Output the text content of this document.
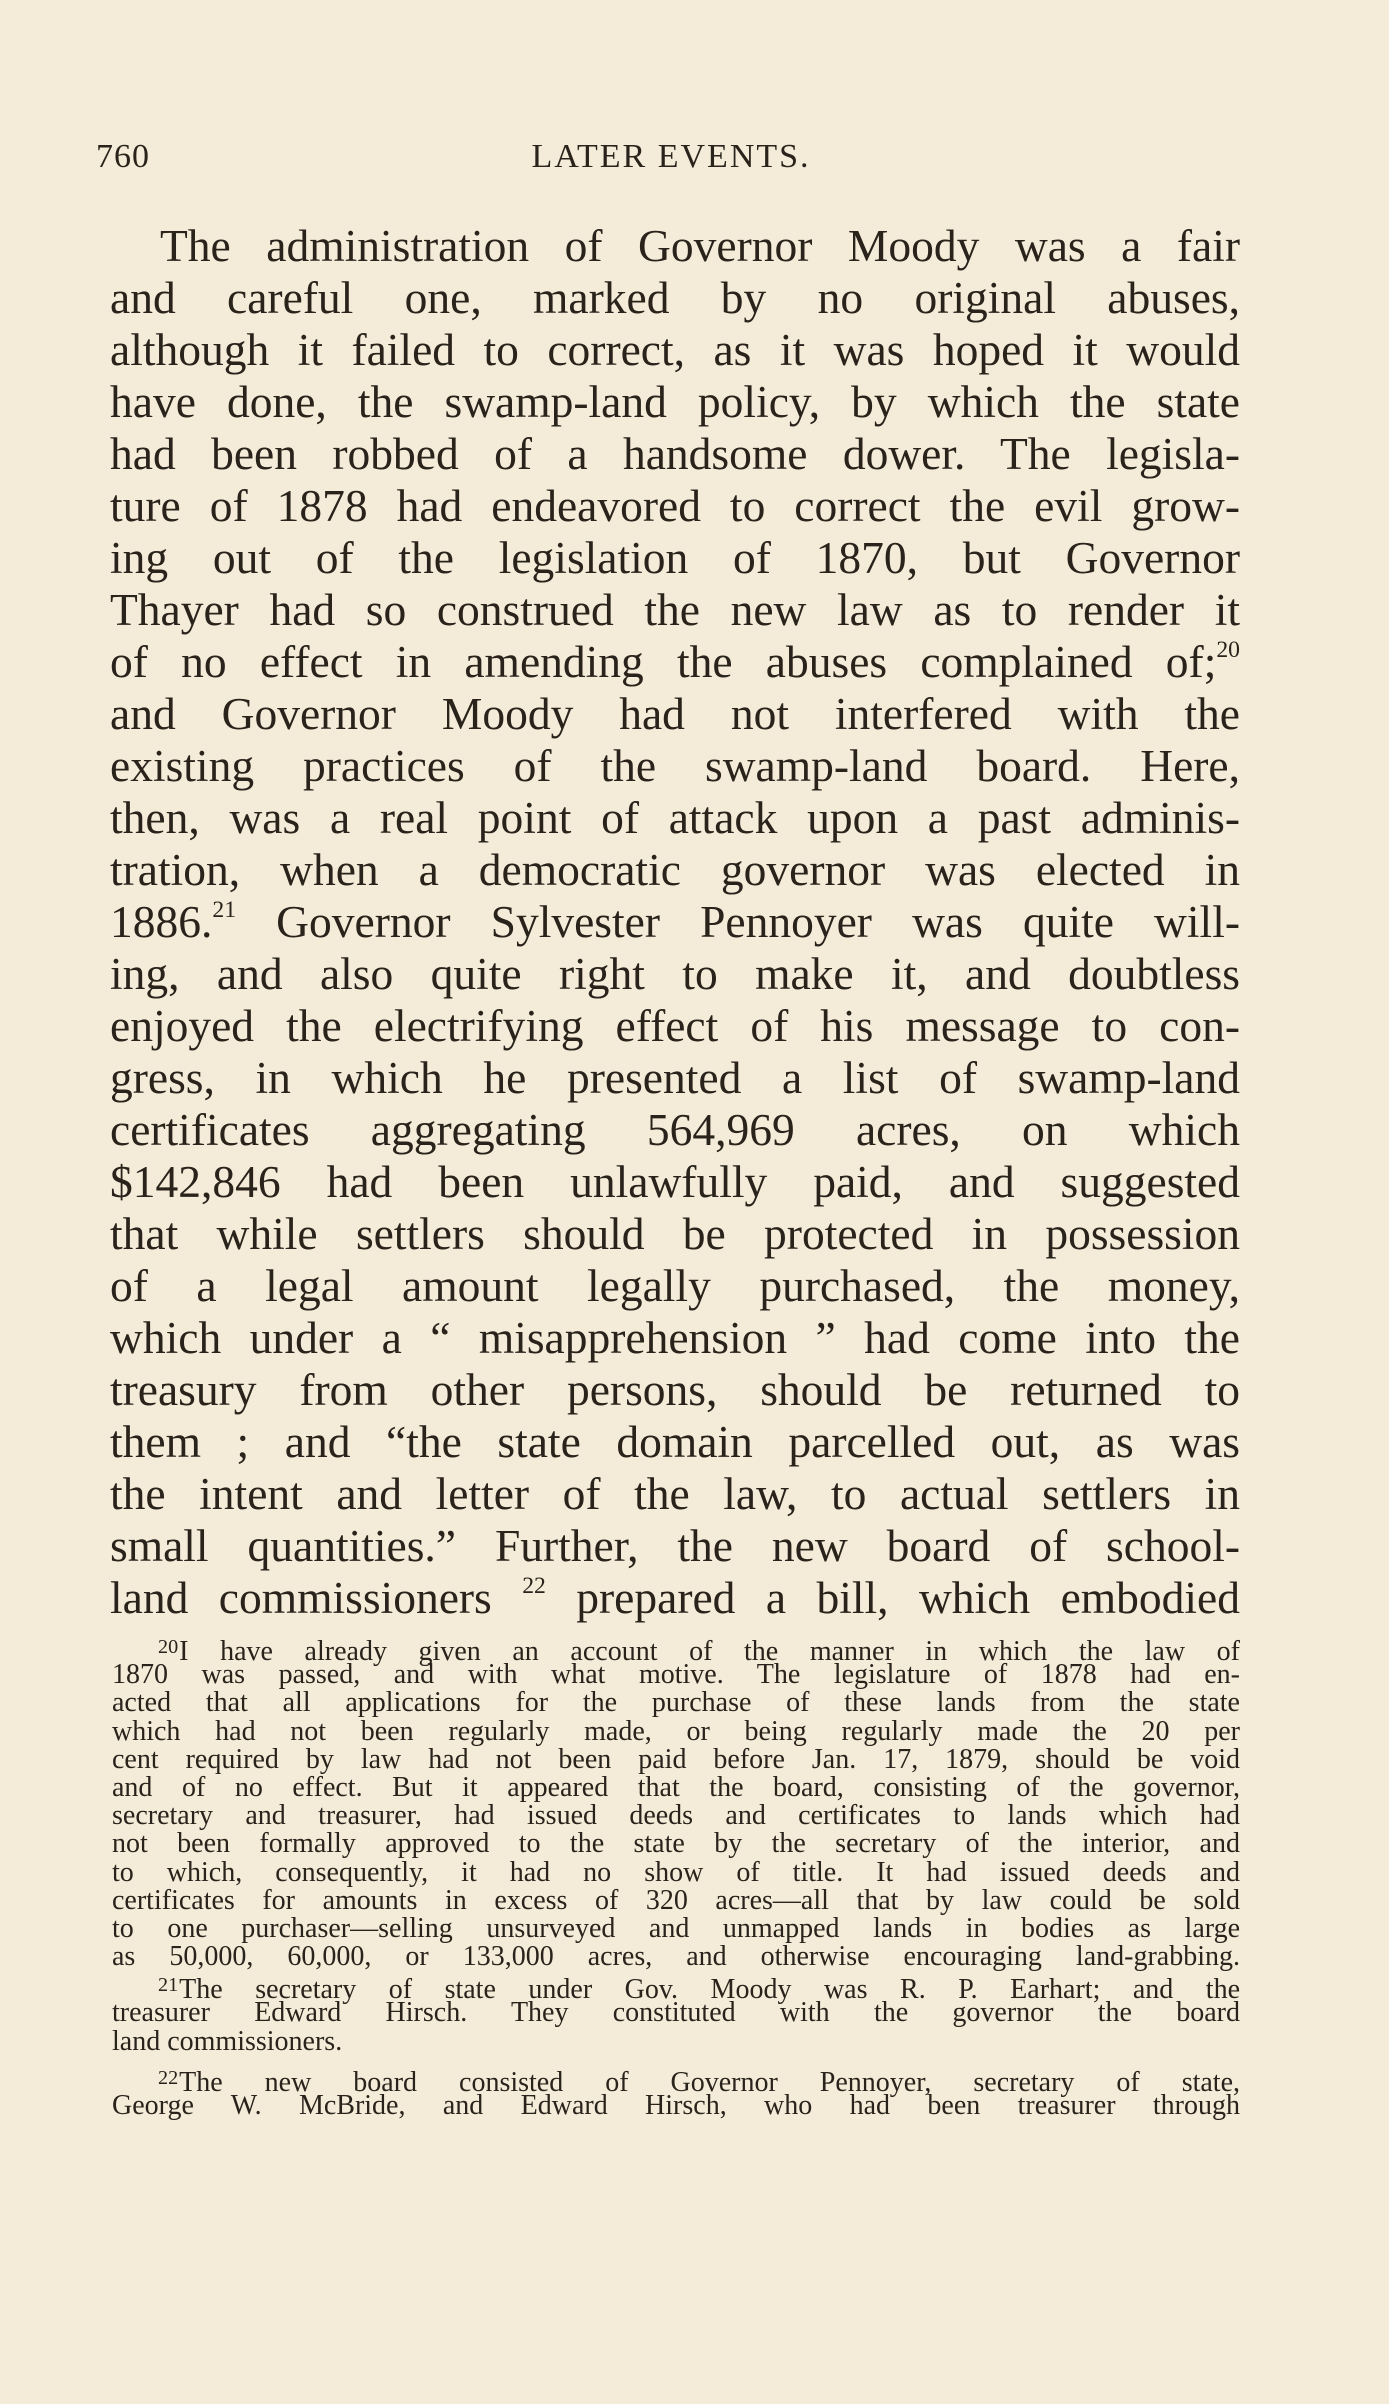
760	LATER EVENTS.
The administration of Governor Moody was a fair
and careful one, marked by no original abuses,
although it failed to correct, as it was hoped it would
have done, the swamp-land policy, by which the state
had been robbed of a handsome dower. The legisla-
ture of 1878 had endeavored to correct the evil grow-
ing out of the legislation of 1870, but Governor
Thayer had so construed the new law as to render it
of no effect in amending the abuses complained of;$^{20}$
and Governor Moody had not interfered with the
existing practices of the swamp-land board. Here,
then, was a real point of attack upon a past adminis-
tration, when a democratic governor was elected in
1886.21 Governor Sylvester Pennoyer was quite will-
ing, and also quite right to make it, and doubtless
enjoyed the electrifying effect of his message to con-
gress, in which he presented a list of swamp-land
certificates aggregating 564,969 acres, on which
$142,846 had been unlawfully paid, and suggested
that while settlers should be protected in possession
of a legal amount legally purchased, the money,
which under a “ misapprehension ” had come into the
treasury from other persons, should be returned to
them ; and “the state domain parcelled out, as was
the intent and letter of the law, to actual settlers in
small quantities.” Further, the new board of school-
land commissioners $^{22}$ prepared a bill, which embodied
$^{20}$I have already given an account of the manner in which the law of
1870 was passed, and with what motive. The legislature of 1878 had en-
acted that all applications for the purchase of these lands from the state
which had not been regularly made, or being regularly made the 20 per
cent required by law had not been paid before Jan. 17, 1879, should be void
and of no effect. But it appeared that the board, consisting of the governor,
secretary and treasurer, had issued deeds and certificates to lands which had
not been formally approved to the state by the secretary of the interior, and
to which, consequently, it had no show of title. It had issued deeds and
certificates for amounts in excess of 320 acres—all that by law could be sold
to one purchaser—selling unsurveyed and unmapped lands in bodies as large
as 50,000, 60,000, or 133,000 acres, and otherwise encouraging land-grabbing.
$^{21}$The secretary of state under Gov. Moody was R. P. Earhart; and the
treasurer Edward Hirsch. They constituted with the governor the board
land commissioners.
$^{22}$The new board consisted of Governor Pennoyer, secretary of state,
George W. McBride, and Edward Hirsch, who had been treasurer through
